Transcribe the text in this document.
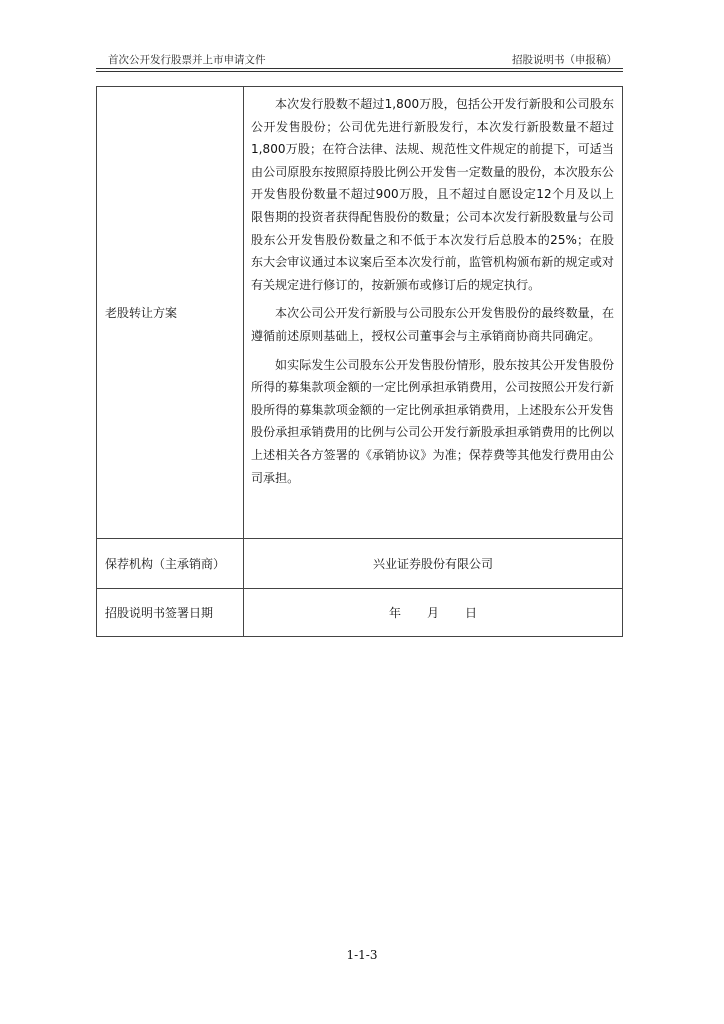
首次公开发行股票并上市申请文件	招股说明书（申报稿）
老股转让方案	本次发行股数不超过1,800万股，包括公开发行新股和公司股东公开发售股份；公司优先进行新股发行，本次发行新股数量不超过1,800万股；在符合法律、法规、规范性文件规定的前提下，可适当由公司原股东按照原持股比例公开发售一定数量的股份，本次股东公开发售股份数量不超过900万股，且不超过自愿设定12个月及以上限售期的投资者获得配售股份的数量；公司本次发行新股数量与公司股东公开发售股份数量之和不低于本次发行后总股本的25%；在股东大会审议通过本议案后至本次发行前，监管机构颁布新的规定或对有关规定进行修订的，按新颁布或修订后的规定执行。

本次公司公开发行新股与公司股东公开发售股份的最终数量，在遵循前述原则基础上，授权公司董事会与主承销商协商共同确定。

如实际发生公司股东公开发售股份情形，股东按其公开发售股份所得的募集款项金额的一定比例承担承销费用，公司按照公开发行新股所得的募集款项金额的一定比例承担承销费用，上述股东公开发售股份承担承销费用的比例与公司公开发行新股承担承销费用的比例以上述相关各方签署的《承销协议》为准；保荐费等其他发行费用由公司承担。

保荐机构（主承销商）	兴业证券股份有限公司
招股说明书签署日期	年 月 日
1-1-3
